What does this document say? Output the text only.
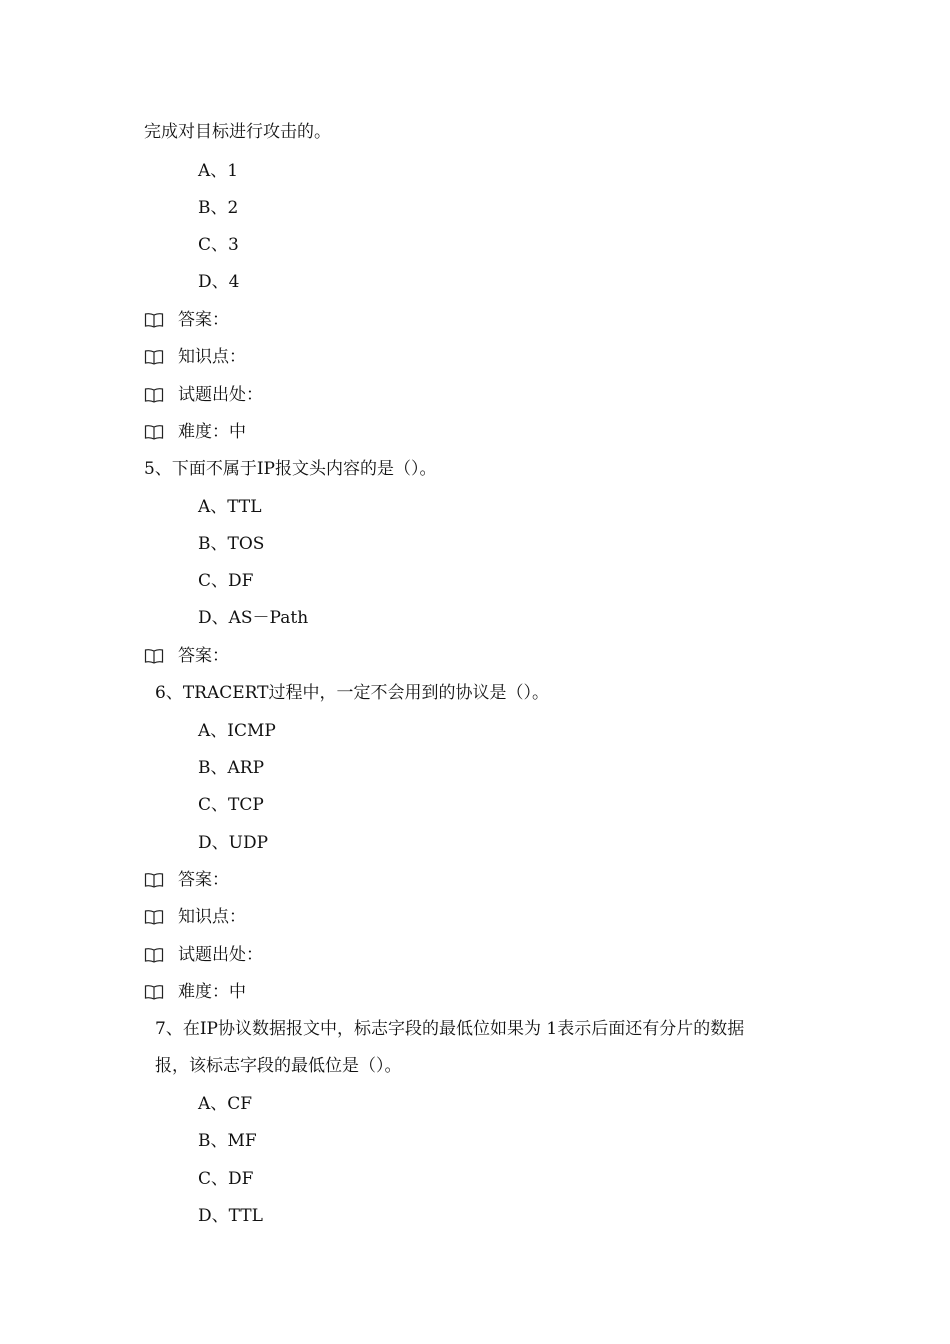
完成对目标进行攻击的。
A、1
B、2
C、3
D、4
答案：
知识点：
试题出处：
难度：中
5、下面不属于IP报文头内容的是（）。
A、TTL
B、TOS
C、DF
D、AS－Path
答案：
6、TRACERT过程中，一定不会用到的协议是（）。
A、ICMP
B、ARP
C、TCP
D、UDP
答案：
知识点：
试题出处：
难度：中
7、在IP协议数据报文中，标志字段的最低位如果为 1表示后面还有分片的数据
报，该标志字段的最低位是（）。
A、CF
B、MF
C、DF
D、TTL
